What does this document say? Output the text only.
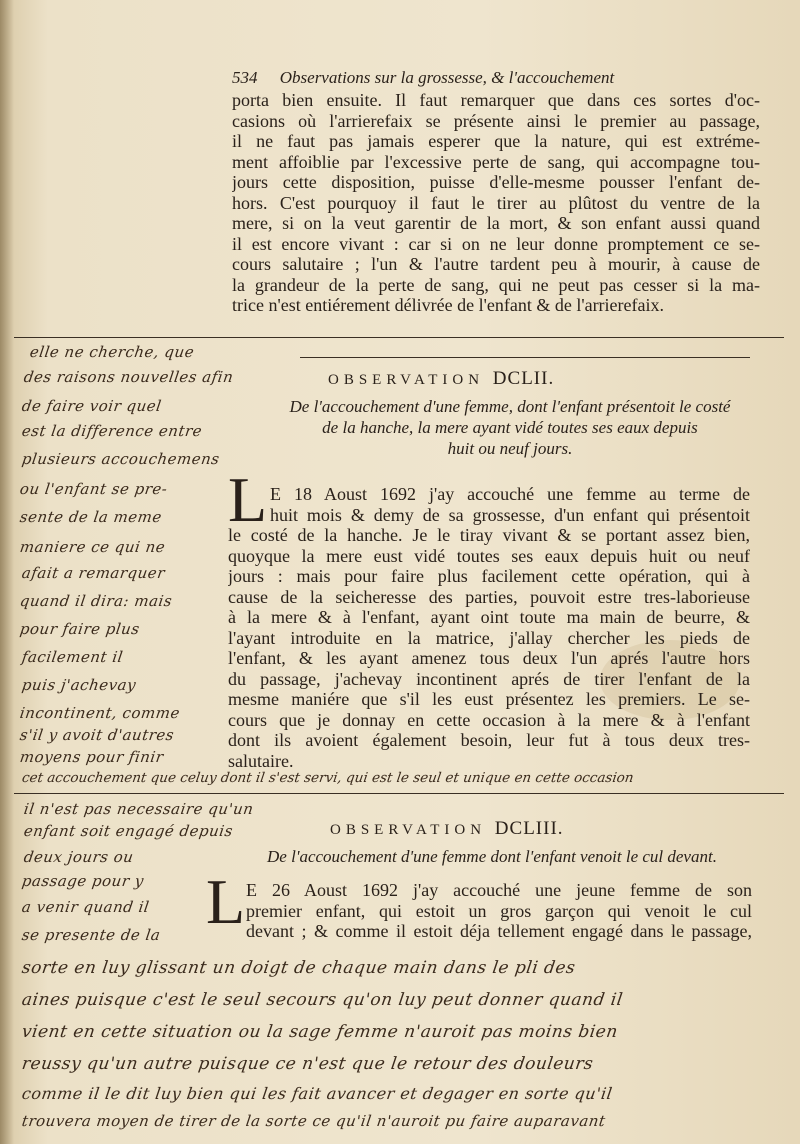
534 Observations sur la grossesse, & l'accouchement
porta bien ensuite. Il faut remarquer que dans ces sortes d'oc-
casions où l'arrierefaix se présente ainsi le premier au passage,
il ne faut pas jamais esperer que la nature, qui est extréme-
ment affoiblie par l'excessive perte de sang, qui accompagne tou-
jours cette disposition, puisse d'elle-mesme pousser l'enfant de-
hors. C'est pourquoy il faut le tirer au plûtost du ventre de la
mere, si on la veut garentir de la mort, & son enfant aussi quand
il est encore vivant : car si on ne leur donne promptement ce se-
cours salutaire ; l'un & l'autre tardent peu à mourir, à cause de
la grandeur de la perte de sang, qui ne peut pas cesser si la ma-
trice n'est entiérement délivrée de l'enfant & de l'arrierefaix.
elle ne cherche, que
des raisons nouvelles afin
de faire voir quel
est la difference entre
plusieurs accouchemens
OBSERVATION DCLII.
De l'accouchement d'une femme, dont l'enfant présentoit le costé
de la hanche, la mere ayant vidé toutes ses eaux depuis
huit ou neuf jours.
L E 18 Aoust 1692 j'ay accouché une femme au terme de
huit mois & demy de sa grossesse, d'un enfant qui présentoit
le costé de la hanche. Je le tiray vivant & se portant assez bien,
quoyque la mere eust vidé toutes ses eaux depuis huit ou neuf
jours : mais pour faire plus facilement cette opération, qui à
cause de la seicheresse des parties, pouvoit estre tres-laborieuse
à la mere & à l'enfant, ayant oint toute ma main de beurre, &
l'ayant introduite en la matrice, j'allay chercher les pieds de
l'enfant, & les ayant amenez tous deux l'un aprés l'autre hors
du passage, j'achevay incontinent aprés de tirer l'enfant de la
mesme maniére que s'il les eust présentez les premiers. Le se-
cours que je donnay en cette occasion à la mere & à l'enfant
dont ils avoient également besoin, leur fut à tous deux tres-
salutaire.
ou l'enfant se pre-
sente de la meme
maniere ce qui ne
afait a remarquer
quand il dira: mais
pour faire plus
facilement il
puis j'achevay
incontinent, comme
s'il y avoit d'autres
moyens pour finir
cet accouchement que celuy dont il s'est servi, qui est le seul et unique en cette occasion
il n'est pas necessaire qu'un
enfant soit engagé depuis	OBSERVATION DCLIII.
deux jours ou	De l'accouchement d'une femme dont l'enfant venoit le cul devant.
passage pour y
a venir quand il
se presente de la L E 26 Aoust 1692 j'ay accouché une jeune femme de son
premier enfant, qui estoit un gros garçon qui venoit le cul
devant ; & comme il estoit déja tellement engagé dans le passage,
sorte en luy glissant un doigt de chaque main dans le pli des
aines puisque c'est le seul secours qu'on luy peut donner quand il
vient en cette situation ou la sage femme n'auroit pas moins bien
reussy qu'un autre puisque ce n'est que le retour des douleurs
comme il le dit luy bien qui les fait avancer et degager en sorte qu'il
trouvera moyen de tirer de la sorte ce qu'il n'auroit pu faire auparavant
